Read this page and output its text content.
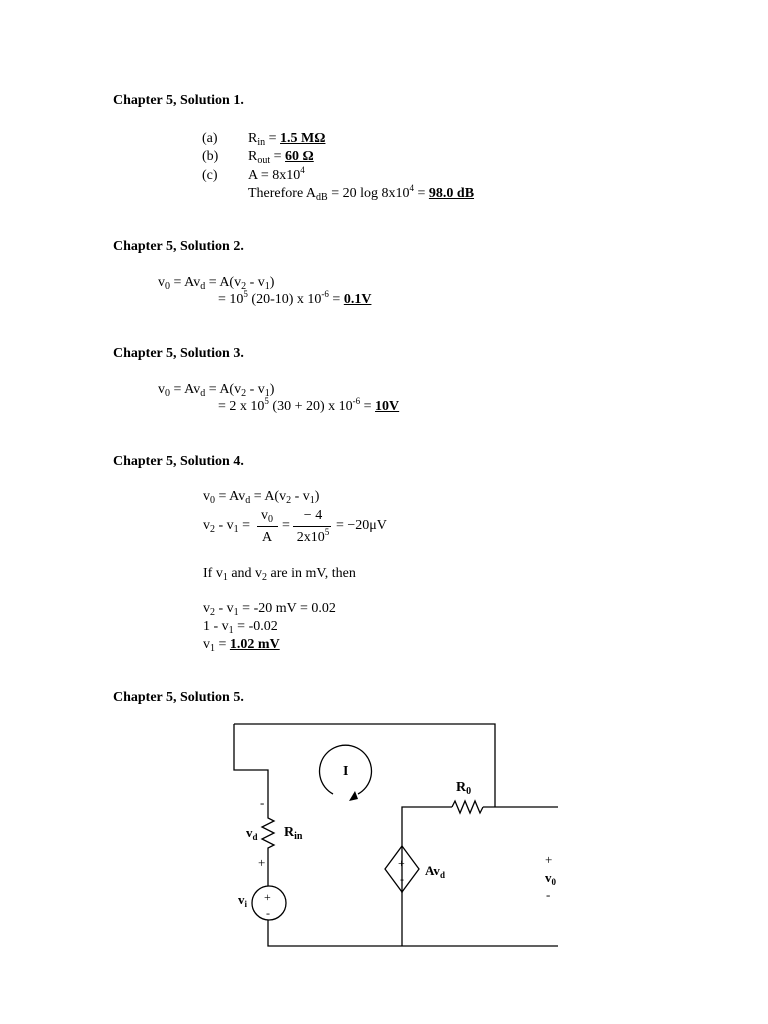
Chapter 5, Solution 1.
(a) $R_{in} = 1.5$ MΩ
(b) $R_{out} = 60$ Ω
(c) $A = 8x10^4$
Therefore $A_{dB} = 20$ $\log 8x10^4 = 98.0$ dB
Chapter 5, Solution 2.
$v_0 = Av_d = A(v_2 - v_1)$
= $10^5$ (20-10) x $10^{-6} = 0.1V$
Chapter 5, Solution 3.
$v_0 = Av_d = A(v_2 - v_1)$
= 2 x $10^5$ (30 + 20) x $10^{-6} = 10V$
Chapter 5, Solution 4.
$v_0 = Av_d = A(v_2 - v_1)$
$v_2 - v_1$ =
$v_0$
A
=
− 4
$2x10^5 = -20\mu V$
If $v_1$ and $v_2$ are in mV, then
$v_2 - v_1 = -20$ mV = 0.02
$1 - v_1 = -0.02$
$v_1 = 1.02$ mV
Chapter 5, Solution 5.
I
$R_0$
$R_{in}$
$v_d$
-
+
$v_i$ +
-
+
-
$Av_d$
+
$v_0$
-
